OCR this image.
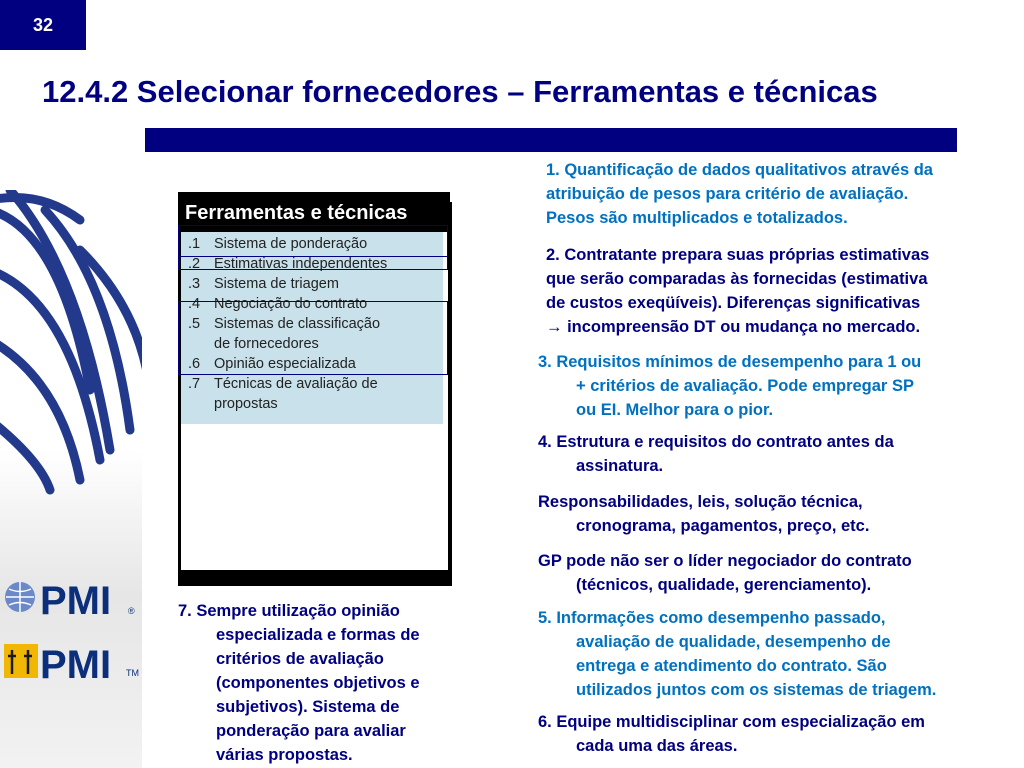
32
12.4.2 Selecionar fornecedores – Ferramentas e técnicas
PMI ®
PMI TM
Ferramentas e técnicas
.1 Sistema de ponderação
.2 Estimativas independentes
.3 Sistema de triagem
.4 Negociação do contrato
.5 Sistemas de classificação
de fornecedores
.6 Opinião especializada
.7 Técnicas de avaliação de
propostas
7. Sempre utilização opinião
especializada e formas de
critérios de avaliação
(componentes objetivos e
subjetivos). Sistema de
ponderação para avaliar
várias propostas.
1. Quantificação de dados qualitativos através da
atribuição de pesos para critério de avaliação.
Pesos são multiplicados e totalizados.
2. Contratante prepara suas próprias estimativas
que serão comparadas às fornecidas (estimativa
de custos exeqüíveis). Diferenças significativas
→ incompreensão DT ou mudança no mercado.
3. Requisitos mínimos de desempenho para 1 ou
+ critérios de avaliação. Pode empregar SP
ou EI. Melhor para o pior.
4. Estrutura e requisitos do contrato antes da
assinatura.
Responsabilidades, leis, solução técnica,
cronograma, pagamentos, preço, etc.
GP pode não ser o líder negociador do contrato
(técnicos, qualidade, gerenciamento).
5. Informações como desempenho passado,
avaliação de qualidade, desempenho de
entrega e atendimento do contrato. São
utilizados juntos com os sistemas de triagem.
6. Equipe multidisciplinar com especialização em
cada uma das áreas.
